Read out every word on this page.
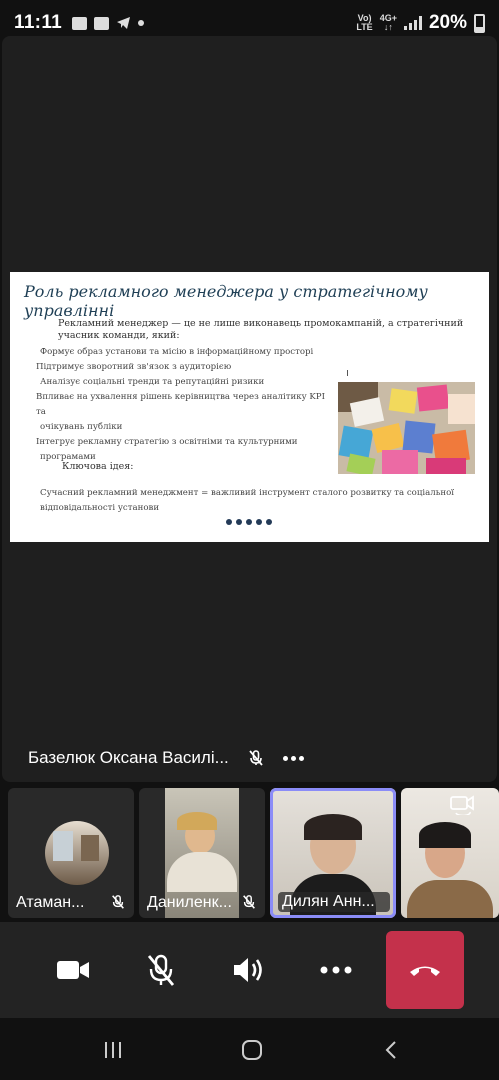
11:11	Vo)
LTE
4G+
↓↑ 20%
Роль рекламного менеджера у стратегічному управлінні
Рекламний менеджер — це не лише виконавець промокампаній, а стратегічний учасник команди, який:
Формує образ установи та місію в інформаційному просторі
Підтримує зворотний зв'язок з аудиторією
Аналізує соціальні тренди та репутаційні ризики
Впливає на ухвалення рішень керівництва через аналітику KPI та
очікувань публіки
Інтегрує рекламну стратегію з освітніми та культурними
програмами
Ключова ідея:
Сучасний рекламний менеджмент = важливий інструмент сталого розвитку та соціальної відповідальності установи
Базелюк Оксана Василі...
Атаман...	Даниленк...	Дилян Анн...
